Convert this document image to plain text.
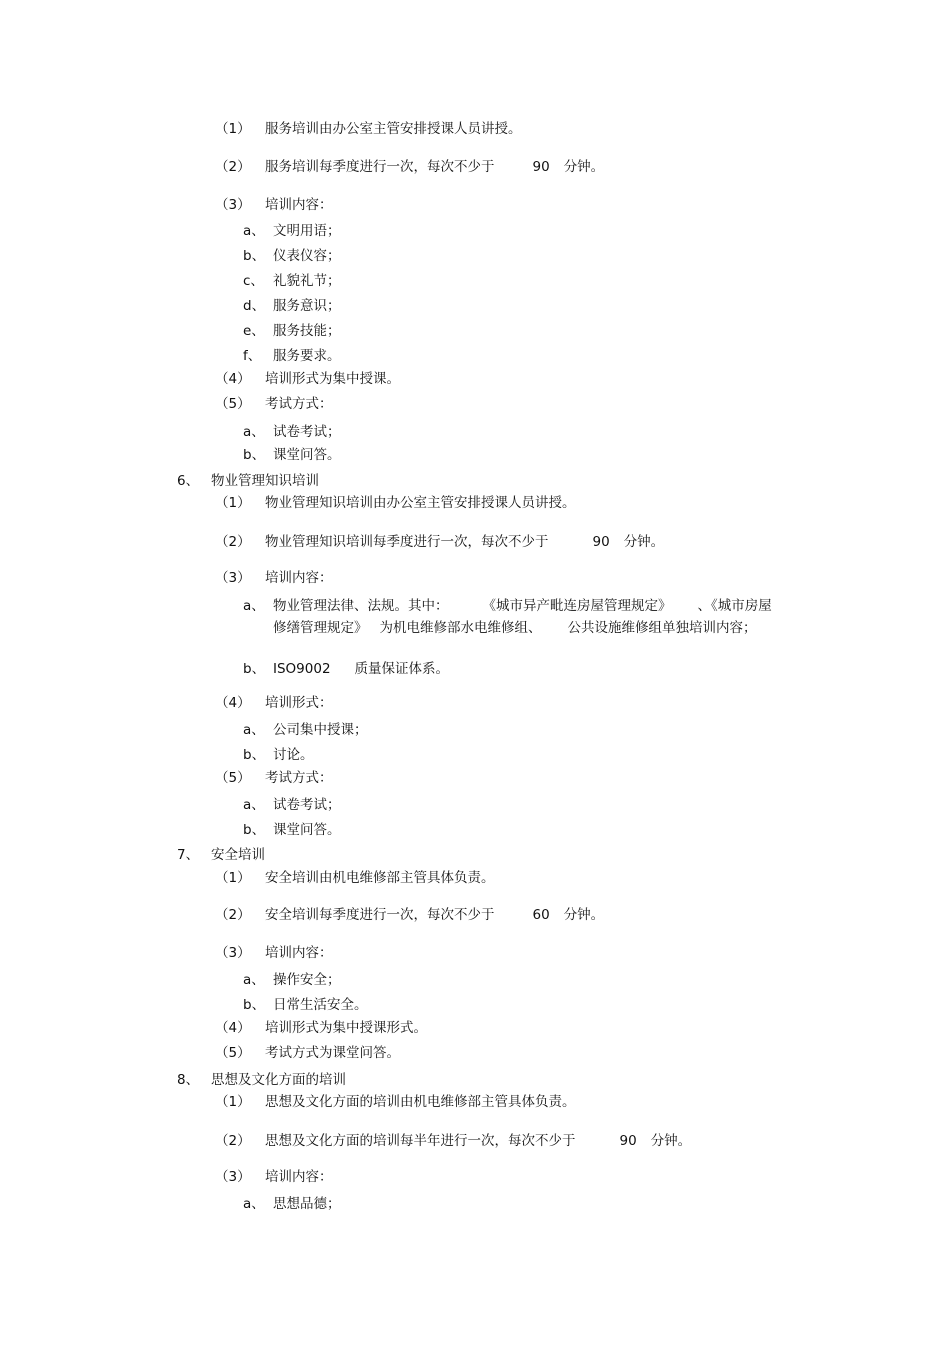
（1） 服务培训由办公室主管安排授课人员讲授。
（2） 服务培训每季度进行一次，每次不少于	90 分钟。
（3） 培训内容：
a、 文明用语；
b、 仪表仪容；
c、 礼貌礼节；
d、 服务意识；
e、 服务技能；
f、 服务要求。
（4） 培训形式为集中授课。
（5） 考试方式：
a、 试卷考试；
b、 课堂问答。
6、 物业管理知识培训
（1） 物业管理知识培训由办公室主管安排授课人员讲授。
（2） 物业管理知识培训每季度进行一次，每次不少于	90 分钟。
（3） 培训内容：
a、 物业管理法律、法规。其中：	《城市异产毗连房屋管理规定》 、《城市房屋
修缮管理规定》 为机电维修部水电维修组、 公共设施维修组单独培训内容；
b、 ISO9002 质量保证体系。
（4） 培训形式：
a、 公司集中授课；
b、 讨论。
（5） 考试方式：
a、 试卷考试；
b、 课堂问答。
7、 安全培训
（1） 安全培训由机电维修部主管具体负责。
（2） 安全培训每季度进行一次，每次不少于	60 分钟。
（3） 培训内容：
a、 操作安全；
b、 日常生活安全。
（4） 培训形式为集中授课形式。
（5） 考试方式为课堂问答。
8、 思想及文化方面的培训
（1） 思想及文化方面的培训由机电维修部主管具体负责。
（2） 思想及文化方面的培训每半年进行一次，每次不少于	90 分钟。
（3） 培训内容：
a、 思想品德；
